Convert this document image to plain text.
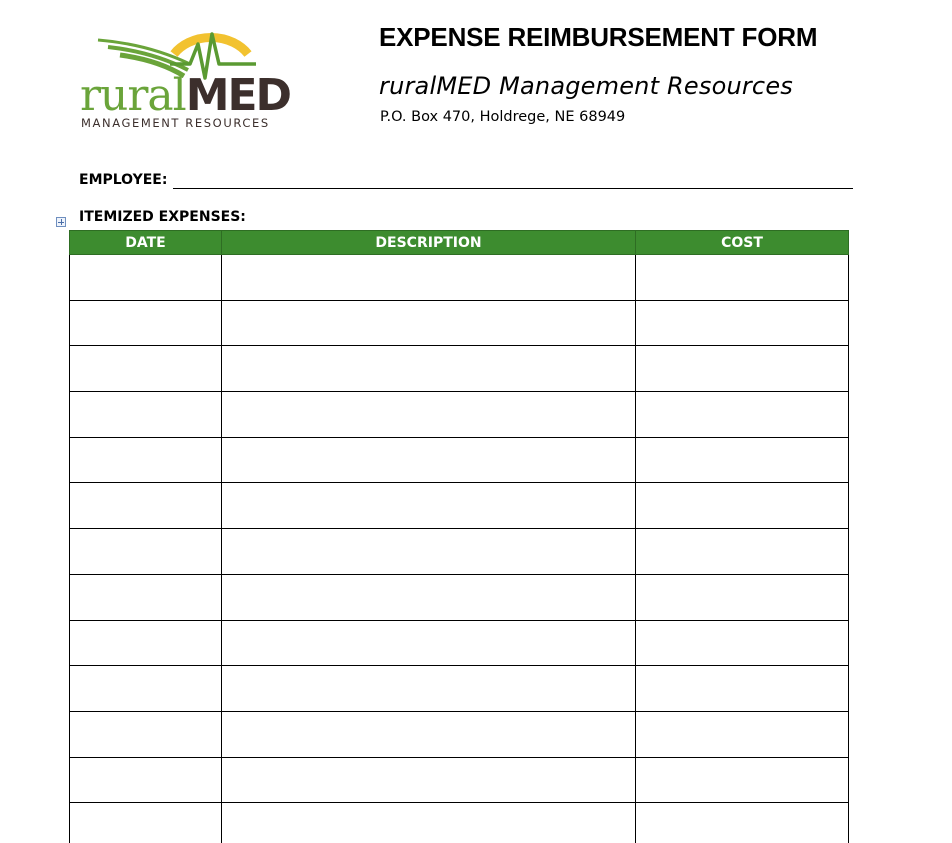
ruralMED
MANAGEMENT RESOURCES
EXPENSE REIMBURSEMENT FORM
ruralMED Management Resources
P.O. Box 470, Holdrege, NE 68949
EMPLOYEE:
ITEMIZED EXPENSES:
DATE	DESCRIPTION	COST
